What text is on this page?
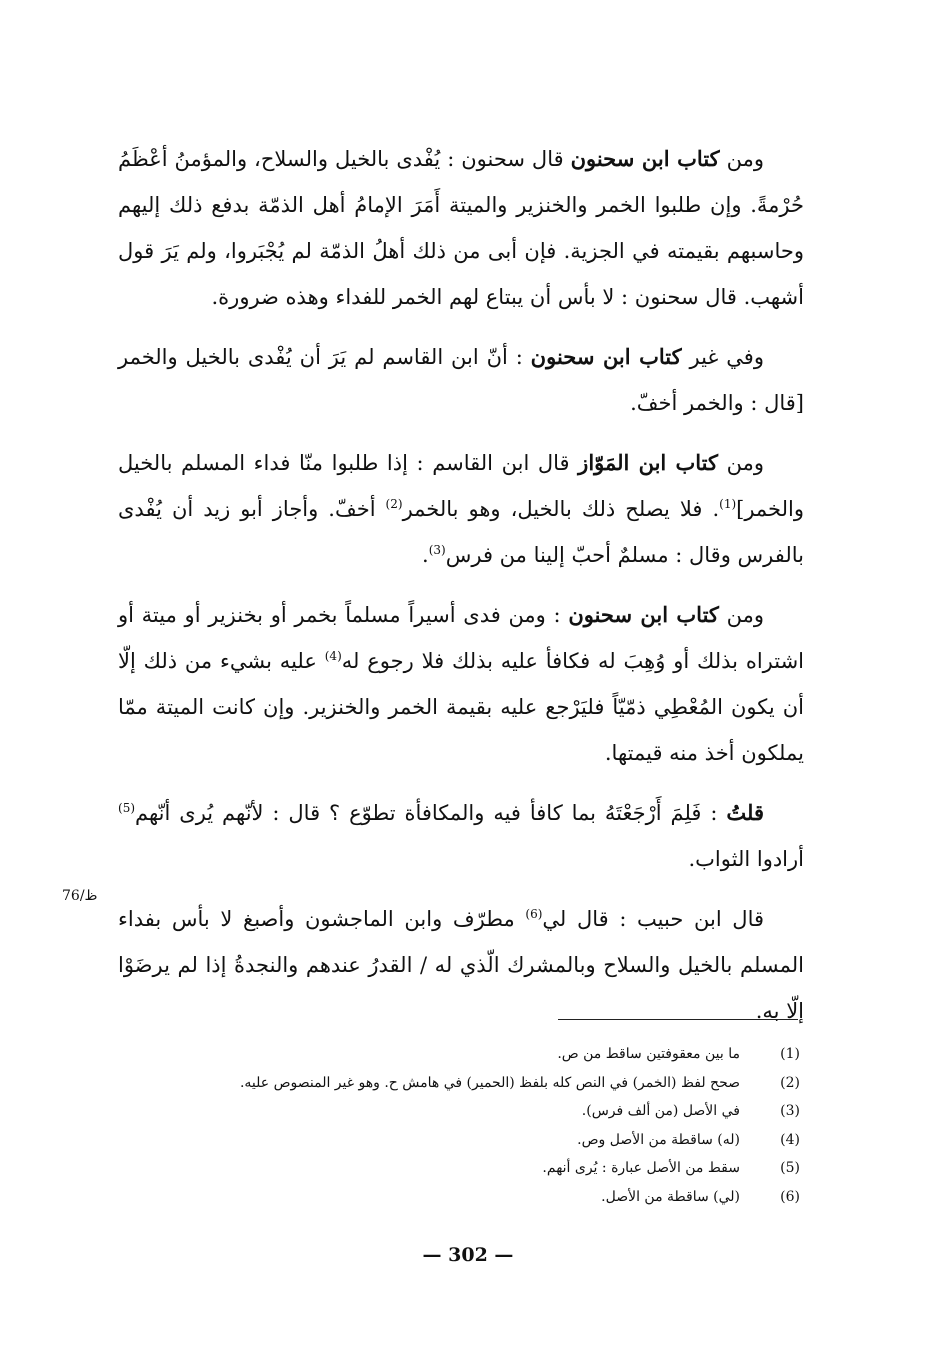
ومن كتاب ابن سحنون قال سحنون : يُفْدى بالخيل والسلاح، والمؤمنُ أعْظَمُ حُرْمةً. وإن طلبوا الخمر والخنزير والميتة أَمَرَ الإمامُ أهل الذمّة بدفع ذلك إليهم وحاسبهم بقيمته في الجزية. فإن أبى من ذلك أهلُ الذمّة لم يُجْبَروا، ولم يَرَ قول أشهب. قال سحنون : لا بأس أن يبتاع لهم الخمر للفداء وهذه ضرورة.

وفي غير كتاب ابن سحنون : أنّ ابن القاسم لم يَرَ أن يُفْدى بالخيل والخمر [قال : والخمر أخفّ.

ومن كتاب ابن المَوّاز قال ابن القاسم : إذا طلبوا منّا فداء المسلم بالخيل والخمر]$^{(1)}$. فلا يصلح ذلك بالخيل، وهو بالخمر$^{(2)}$ أخفّ. وأجاز أبو زيد أن يُفْدى بالفرس وقال : مسلمٌ أحبّ إلينا من فرس$^{(3)}$.

ومن كتاب ابن سحنون : ومن فدى أسيراً مسلماً بخمر أو بخنزير أو ميتة أو اشتراه بذلك أو وُهِبَ له فكافأ عليه بذلك فلا رجوع له$^{(4)}$ عليه بشيء من ذلك إلّا أن يكون المُعْطِي ذمّيّاً فليَرْجع عليه بقيمة الخمر والخنزير. وإن كانت الميتة ممّا يملكون أخذ منه قيمتها.

قلتُ : فَلِمَ أَرْجَعْتَهُ بما كافأ فيه والمكافأة تطوّع ؟ قال : لأنّهم يُرى أنّهم$^{(5)}$ أرادوا الثواب.

قال ابن حبيب : قال لي$^{(6)}$ مطرّف وابن الماجشون وأصبغ لا بأس بفداء المسلم بالخيل والسلاح وبالمشرك الّذي له / القدرُ عندهم والنجدةُ إذا لم يرضَوْا إلّا به.

76/ظ
(1)
ما بين معقوفتين ساقط من ص.
(2)
صحح لفظ (الخمر) في النص كله بلفظ (الحمير) في هامش ح. وهو غير المنصوص عليه.
(3)
في الأصل (من ألف فرس).
(4)
(له) ساقطة من الأصل وص.
(5)
سقط من الأصل عبارة : يُرى أنهم.
(6)
(لي) ساقطة من الأصل.
— 302 —
